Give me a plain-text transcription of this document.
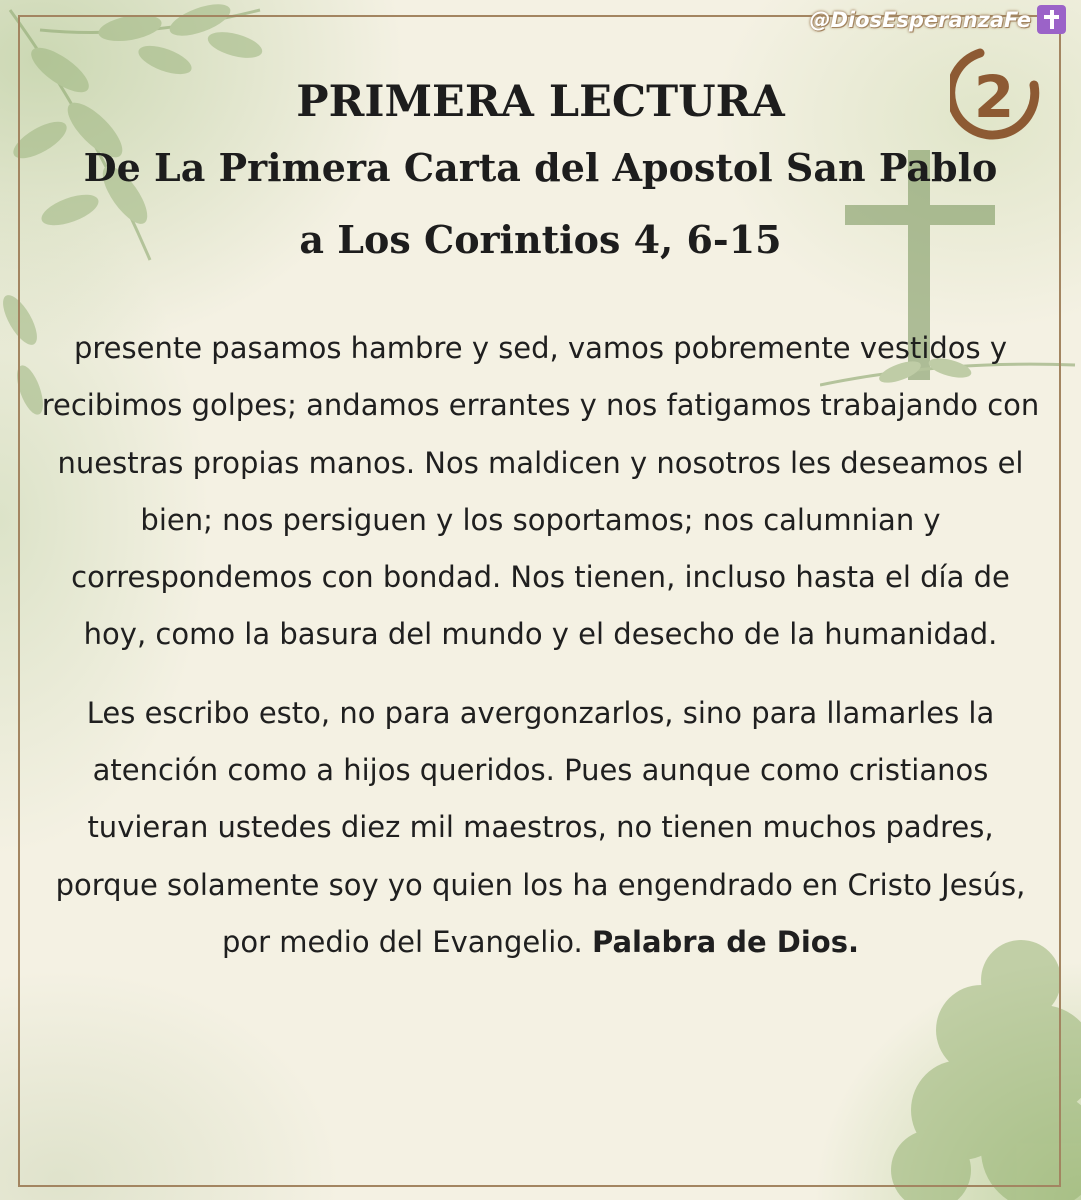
@DiosEsperanzaFe
2

PRIMERA LECTURA

De La Primera Carta del Apostol San Pablo

a Los Corintios 4, 6-15

presente pasamos hambre y sed, vamos pobremente vestidos y recibimos golpes; andamos errantes y nos fatigamos trabajando con nuestras propias manos. Nos maldicen y nosotros les deseamos el bien; nos persiguen y los soportamos; nos calumnian y correspondemos con bondad. Nos tienen, incluso hasta el día de hoy, como la basura del mundo y el desecho de la humanidad.

Les escribo esto, no para avergonzarlos, sino para llamarles la atención como a hijos queridos. Pues aunque como cristianos tuvieran ustedes diez mil maestros, no tienen muchos padres, porque solamente soy yo quien los ha engendrado en Cristo Jesús, por medio del Evangelio. Palabra de Dios.
